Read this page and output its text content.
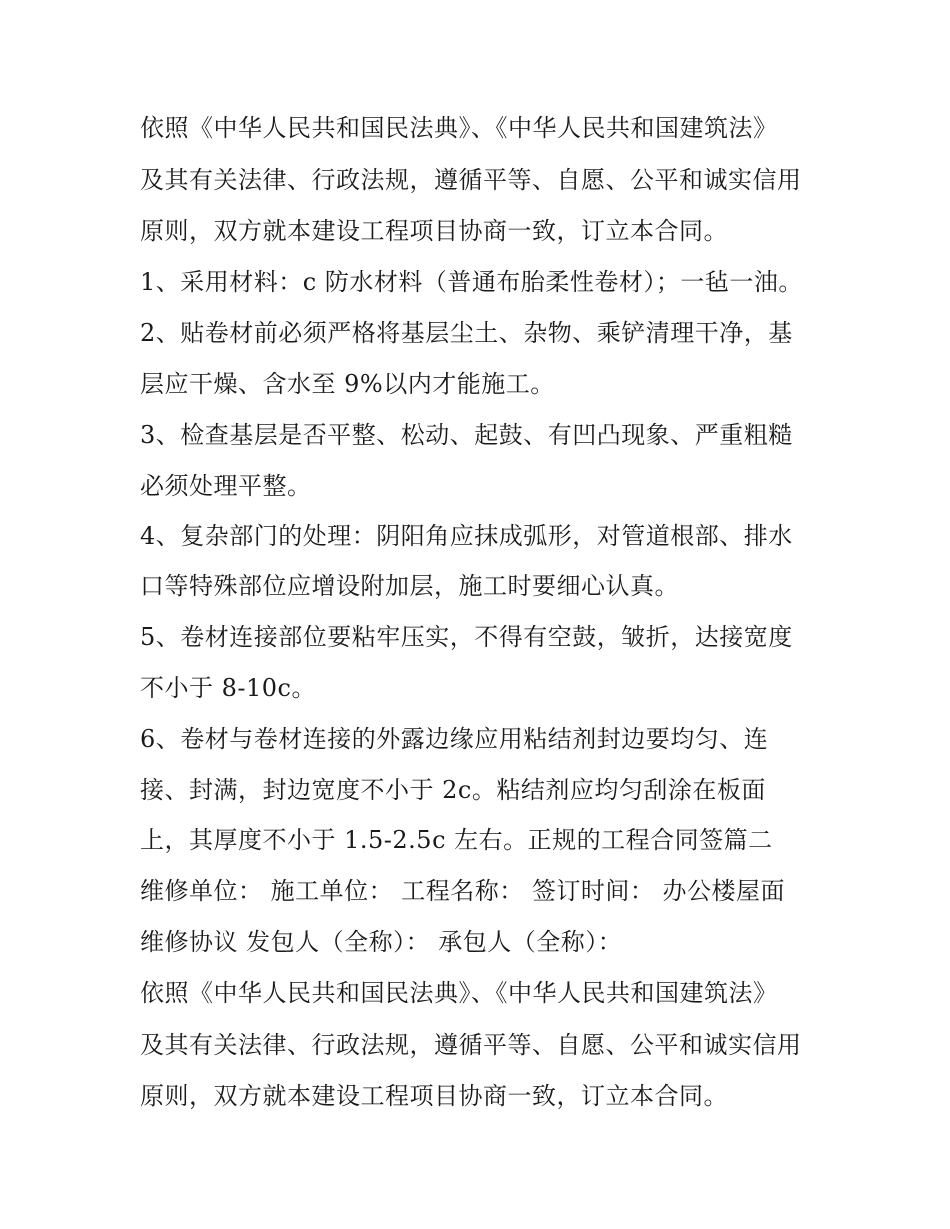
依照《中华人民共和国民法典》、《中华人民共和国建筑法》
及其有关法律、行政法规，遵循平等、自愿、公平和诚实信用
原则，双方就本建设工程项目协商一致，订立本合同。
1、采用材料：c 防水材料（普通布胎柔性卷材）；一毡一油。
2、贴卷材前必须严格将基层尘土、杂物、乘铲清理干净，基
层应干燥、含水至 9%以内才能施工。
3、检查基层是否平整、松动、起鼓、有凹凸现象、严重粗糙
必须处理平整。
4、复杂部门的处理：阴阳角应抹成弧形，对管道根部、排水
口等特殊部位应增设附加层，施工时要细心认真。
5、卷材连接部位要粘牢压实，不得有空鼓，皱折，达接宽度
不小于 8-10c。
6、卷材与卷材连接的外露边缘应用粘结剂封边要均匀、连
接、封满，封边宽度不小于 2c。粘结剂应均匀刮涂在板面
上，其厚度不小于 1.5-2.5c 左右。正规的工程合同签篇二
维修单位： 施工单位： 工程名称： 签订时间： 办公楼屋面
维修协议 发包人（全称）： 承包人（全称）：
依照《中华人民共和国民法典》、《中华人民共和国建筑法》
及其有关法律、行政法规，遵循平等、自愿、公平和诚实信用
原则，双方就本建设工程项目协商一致，订立本合同。
